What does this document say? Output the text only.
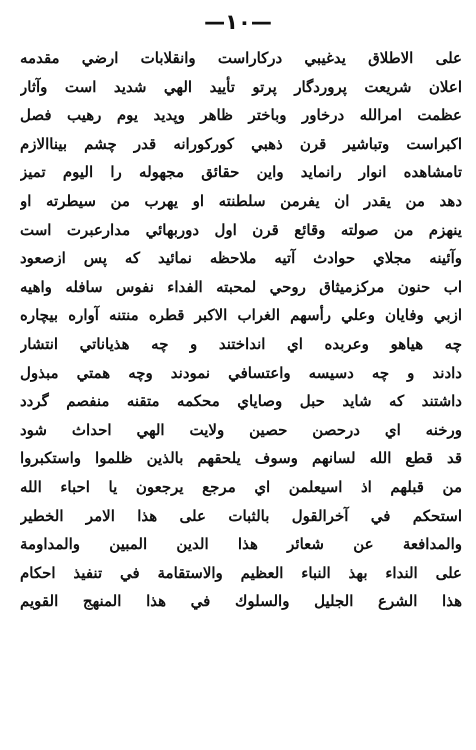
—١٠—
على الاطلاق يدغيبي دركاراست وانقلابات ارضي مقدمه
اعلان شريعت پروردگار پرتو تأييد الهي شديد است وآثار
عظمت امرالله درخاور وباختر ظاهر وپديد يوم رهيب فصل
اكبراست وتباشير قرن ذهبي كوركورانه قدر چشم بيناالازم
تامشاهده انوار رانمايد واين حقائق مجهوله را اليوم تميز
دهد من يقدر ان يفرمن سلطنته او يهرب من سيطرته او
ينهزم من صولته وقائع قرن اول دوربهائي مدارعبرت است
وآئينه مجلاي حوادث آتيه ملاحظه نمائيد كه پس ازصعود
اب حنون مركزميثاق روحي لمحبته الفداء نفوس سافله واهيه
ازبي وفايان وعلي رأسهم الغراب الاكبر قطره منتنه آواره بيچاره
چه هياهو وعربده اي انداختند و چه هذياناتي انتشار
دادند و چه دسيسه واعتسافي نمودند وچه همتي مبذول
داشتند كه شايد حبل وصاياي محكمه متقنه منفصم گردد
ورخنه اي درحصن حصين ولايت الهي احداث شود
قد قطع الله لسانهم وسوف يلحقهم بالذين ظلموا واستكبروا
من قبلهم اذ اسيعلمن اي مرجع يرجعون يا احباء الله
استحكم في آخرالقول بالثبات على هذا الامر الخطير
والمدافعة عن شعائر هذا الدين المبين والمداومة
على النداء بهذ النباء العظيم والاستقامة في تنفيذ احكام
هذا الشرع الجليل والسلوك في هذا المنهج القويم
